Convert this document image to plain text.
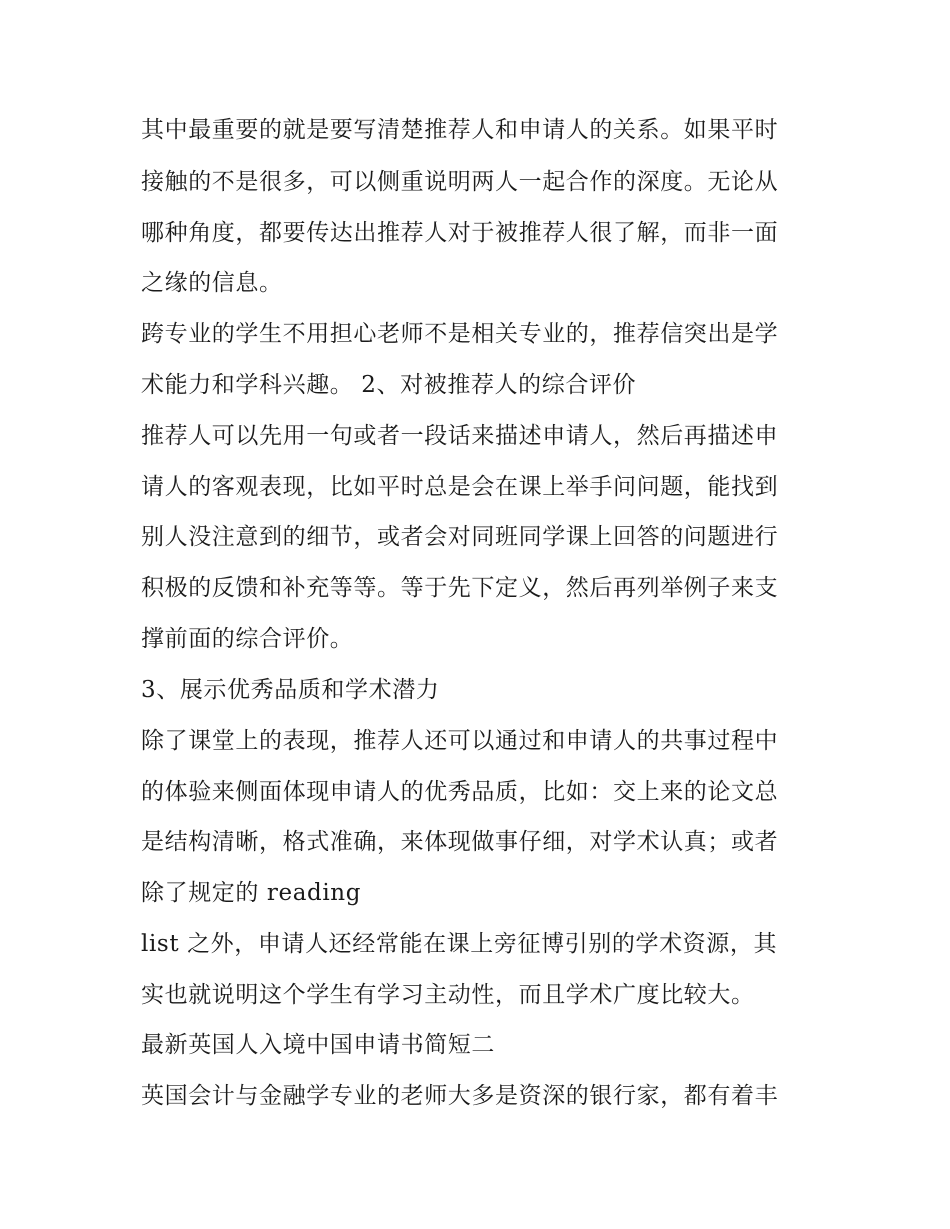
其中最重要的就是要写清楚推荐人和申请人的关系。如果平时
接触的不是很多，可以侧重说明两人一起合作的深度。无论从
哪种角度，都要传达出推荐人对于被推荐人很了解，而非一面
之缘的信息。
跨专业的学生不用担心老师不是相关专业的，推荐信突出是学
术能力和学科兴趣。 2、对被推荐人的综合评价
推荐人可以先用一句或者一段话来描述申请人，然后再描述申
请人的客观表现，比如平时总是会在课上举手问问题，能找到
别人没注意到的细节，或者会对同班同学课上回答的问题进行
积极的反馈和补充等等。等于先下定义，然后再列举例子来支
撑前面的综合评价。
3、展示优秀品质和学术潜力
除了课堂上的表现，推荐人还可以通过和申请人的共事过程中
的体验来侧面体现申请人的优秀品质，比如：交上来的论文总
是结构清晰，格式准确，来体现做事仔细，对学术认真；或者
除了规定的 reading
list 之外，申请人还经常能在课上旁征博引别的学术资源，其
实也就说明这个学生有学习主动性，而且学术广度比较大。
最新英国人入境中国申请书简短二
英国会计与金融学专业的老师大多是资深的银行家，都有着丰
